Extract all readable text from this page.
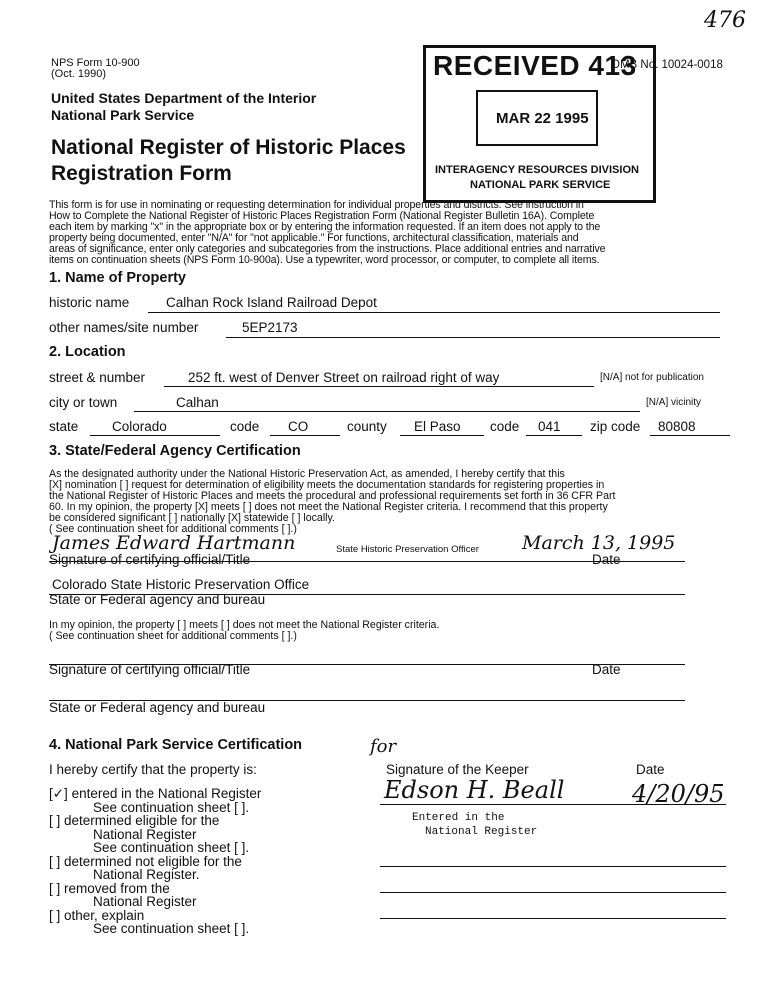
NPS Form 10-900
(Oct. 1990)
OMB No. 10024-0018
476
United States Department of the Interior
National Park Service
National Register of Historic Places
Registration Form
RECEIVED 413
MAR 22 1995
INTERAGENCY RESOURCES DIVISION
NATIONAL PARK SERVICE
This form is for use in nominating or requesting determination for individual properties and districts. See instruction in
How to Complete the National Register of Historic Places Registration Form (National Register Bulletin 16A). Complete
each item by marking "x" in the appropriate box or by entering the information requested. If an item does not apply to the
property being documented, enter "N/A" for "not applicable." For functions, architectural classification, materials and
areas of significance, enter only categories and subcategories from the instructions. Place additional entries and narrative
items on continuation sheets (NPS Form 10-900a). Use a typewriter, word processor, or computer, to complete all items.
1. Name of Property
historic name	Calhan Rock Island Railroad Depot
other names/site number	5EP2173
2. Location
street & number	252 ft. west of Denver Street on railroad right of way	[N/A] not for publication
city or town	Calhan	[N/A] vicinity
state Colorado	code CO	county El Paso code 041 zip code 80808
3. State/Federal Agency Certification
As the designated authority under the National Historic Preservation Act, as amended, I hereby certify that this
[X] nomination [ ] request for determination of eligibility meets the documentation standards for registering properties in
the National Register of Historic Places and meets the procedural and professional requirements set forth in 36 CFR Part
60. In my opinion, the property [X] meets [ ] does not meet the National Register criteria. I recommend that this property
be considered significant [ ] nationally [X] statewide [ ] locally.
( See continuation sheet for additional comments [ ].)
James Edward Hartmann	State Historic Preservation Officer March 13, 1995
Signature of certifying official/Title	Date
Colorado State Historic Preservation Office
State or Federal agency and bureau
In my opinion, the property [ ] meets [ ] does not meet the National Register criteria.
( See continuation sheet for additional comments [ ].)
Signature of certifying official/Title	Date
State or Federal agency and bureau
4. National Park Service Certification
I hereby certify that the property is:
[✓] entered in the National Register
See continuation sheet [ ].
[ ] determined eligible for the
National Register
See continuation sheet [ ].
[ ] determined not eligible for the
National Register.
[ ] removed from the
National Register
[ ] other, explain
See continuation sheet [ ].
for
Signature of the Keeper	Date
Edson H. Beall	4/20/95
Entered in the
National Register
